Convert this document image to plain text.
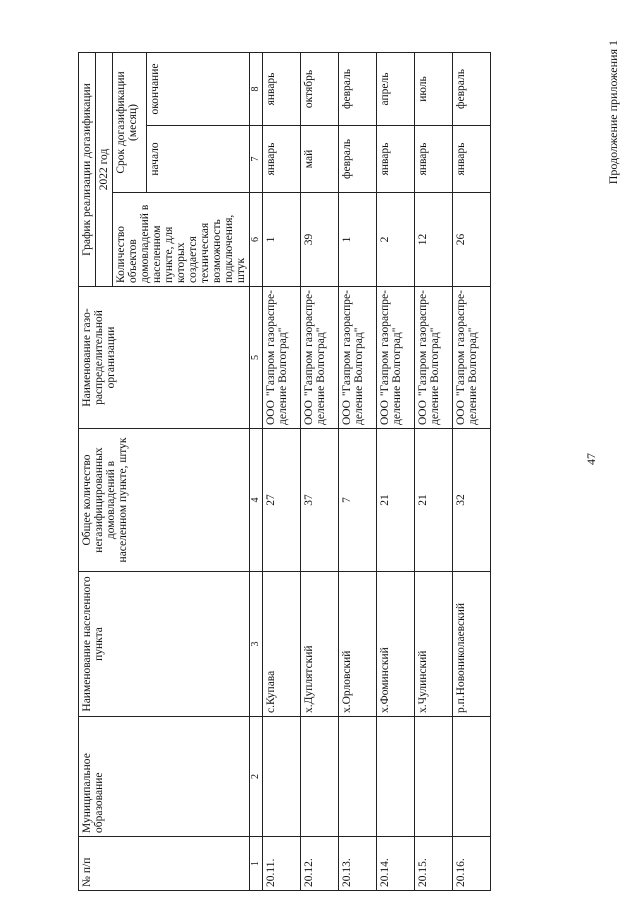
47
Продолжение приложения 1
№ п/п	Муниципальное образование	Наименование населенного пункта	Общее количество негазифицированных домовладений в населенном пункте, штук	Наименование газо-распределительной организации	График реализации догазификации		
					2022 год		
					Количество объектов домовладений в населенном пункте, для которых создается техническая возможность подключения, штук	Срок догазификации (месяц)	
						начало	окончание
1	2	3	4	5	6	7	8
20.11.		с.Купава	27	ООО "Газпром газораспре-деление Волгоград"	1	январь	январь
20.12.		х.Дуплятский	37	ООО "Газпром газораспре-деление Волгоград"	39	май	октябрь
20.13.		х.Орловский	7	ООО "Газпром газораспре-деление Волгоград"	1	февраль	февраль
20.14.		х.Фоминский	21	ООО "Газпром газораспре-деление Волгоград"	2	январь	апрель
20.15.		х.Чулинский	21	ООО "Газпром газораспре-деление Волгоград"	12	январь	июль
20.16.		р.п.Новониколаевский	32	ООО "Газпром газораспре-деление Волгоград"	26	январь	февраль
